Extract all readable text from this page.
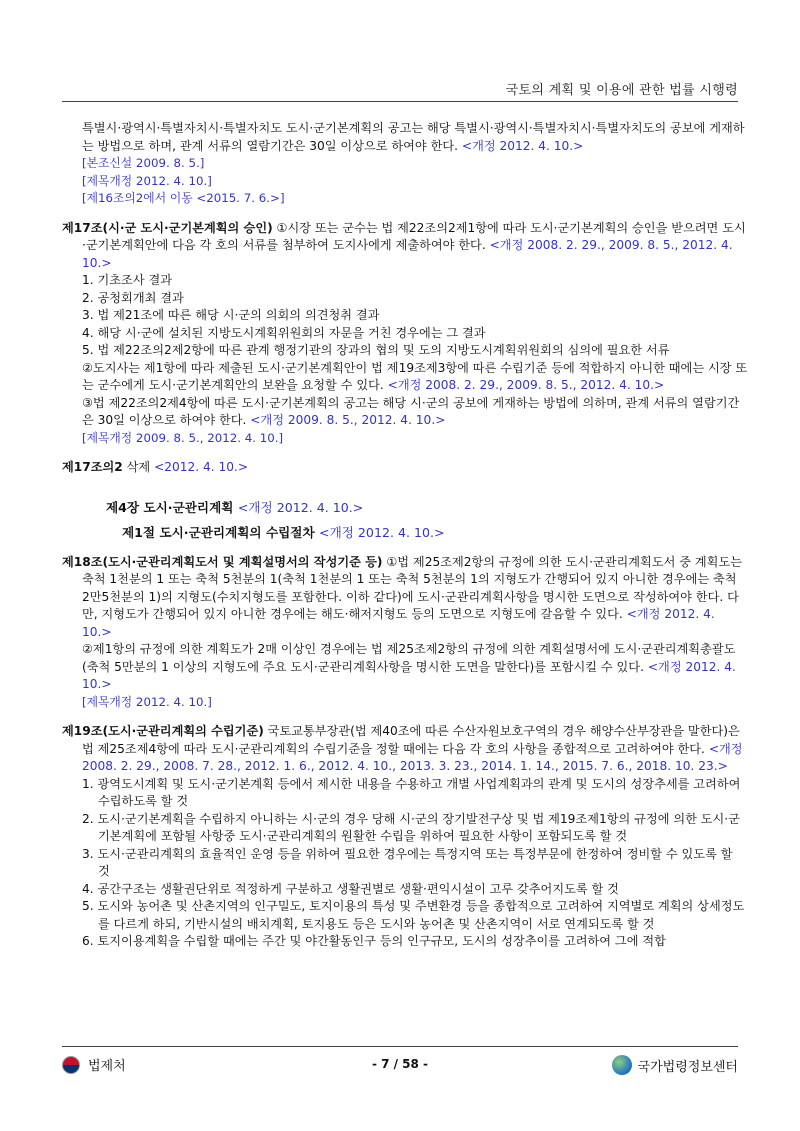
국토의 계획 및 이용에 관한 법률 시행령

특별시·광역시·특별자치시·특별자치도 도시·군기본계획의 공고는 해당 특별시·광역시·특별자치시·특별자치도의 공보에 게재하는 방법으로 하며, 관계 서류의 열람기간은 30일 이상으로 하여야 한다. <개정 2012. 4. 10.>

[본조신설 2009. 8. 5.]
[제목개정 2012. 4. 10.]
[제16조의2에서 이동 <2015. 7. 6.>]

제17조(시·군 도시·군기본계획의 승인) ①시장 또는 군수는 법 제22조의2제1항에 따라 도시·군기본계획의 승인을 받으려면 도시·군기본계획안에 다음 각 호의 서류를 첨부하여 도지사에게 제출하여야 한다. <개정 2008. 2. 29., 2009. 8. 5., 2012. 4. 10.>

1. 기초조사 결과
2. 공청회개최 결과
3. 법 제21조에 따른 해당 시·군의 의회의 의견청취 결과
4. 해당 시·군에 설치된 지방도시계획위원회의 자문을 거친 경우에는 그 결과
5. 법 제22조의2제2항에 따른 관계 행정기관의 장과의 협의 및 도의 지방도시계획위원회의 심의에 필요한 서류

②도지사는 제1항에 따라 제출된 도시·군기본계획안이 법 제19조제3항에 따른 수립기준 등에 적합하지 아니한 때에는 시장 또는 군수에게 도시·군기본계획안의 보완을 요청할 수 있다. <개정 2008. 2. 29., 2009. 8. 5., 2012. 4. 10.>

③법 제22조의2제4항에 따른 도시·군기본계획의 공고는 해당 시·군의 공보에 게재하는 방법에 의하며, 관계 서류의 열람기간은 30일 이상으로 하여야 한다. <개정 2009. 8. 5., 2012. 4. 10.>

[제목개정 2009. 8. 5., 2012. 4. 10.]
제17조의2 삭제 <2012. 4. 10.>
제4장 도시·군관리계획 <개정 2012. 4. 10.>
제1절 도시·군관리계획의 수립절차 <개정 2012. 4. 10.>

제18조(도시·군관리계획도서 및 계획설명서의 작성기준 등) ①법 제25조제2항의 규정에 의한 도시·군관리계획도서 중 계획도는 축척 1천분의 1 또는 축척 5천분의 1(축척 1천분의 1 또는 축척 5천분의 1의 지형도가 간행되어 있지 아니한 경우에는 축척 2만5천분의 1)의 지형도(수치지형도를 포함한다. 이하 같다)에 도시·군관리계획사항을 명시한 도면으로 작성하여야 한다. 다만, 지형도가 간행되어 있지 아니한 경우에는 해도·해저지형도 등의 도면으로 지형도에 갈음할 수 있다. <개정 2012. 4. 10.>

②제1항의 규정에 의한 계획도가 2매 이상인 경우에는 법 제25조제2항의 규정에 의한 계획설명서에 도시·군관리계획총괄도(축척 5만분의 1 이상의 지형도에 주요 도시·군관리계획사항을 명시한 도면을 말한다)를 포함시킬 수 있다. <개정 2012. 4. 10.>

[제목개정 2012. 4. 10.]

제19조(도시·군관리계획의 수립기준) 국토교통부장관(법 제40조에 따른 수산자원보호구역의 경우 해양수산부장관을 말한다)은 법 제25조제4항에 따라 도시·군관리계획의 수립기준을 정할 때에는 다음 각 호의 사항을 종합적으로 고려하여야 한다. <개정 2008. 2. 29., 2008. 7. 28., 2012. 1. 6., 2012. 4. 10., 2013. 3. 23., 2014. 1. 14., 2015. 7. 6., 2018. 10. 23.>

1. 광역도시계획 및 도시·군기본계획 등에서 제시한 내용을 수용하고 개별 사업계획과의 관계 및 도시의 성장추세를 고려하여 수립하도록 할 것
2. 도시·군기본계획을 수립하지 아니하는 시·군의 경우 당해 시·군의 장기발전구상 및 법 제19조제1항의 규정에 의한 도시·군기본계획에 포함될 사항중 도시·군관리계획의 원활한 수립을 위하여 필요한 사항이 포함되도록 할 것
3. 도시·군관리계획의 효율적인 운영 등을 위하여 필요한 경우에는 특정지역 또는 특정부문에 한정하여 정비할 수 있도록 할 것
4. 공간구조는 생활권단위로 적정하게 구분하고 생활권별로 생활·편익시설이 고루 갖추어지도록 할 것
5. 도시와 농어촌 및 산촌지역의 인구밀도, 토지이용의 특성 및 주변환경 등을 종합적으로 고려하여 지역별로 계획의 상세정도를 다르게 하되, 기반시설의 배치계획, 토지용도 등은 도시와 농어촌 및 산촌지역이 서로 연계되도록 할 것
6. 토지이용계획을 수립할 때에는 주간 및 야간활동인구 등의 인구규모, 도시의 성장추이를 고려하여 그에 적합
법제처	- 7 / 58 -	국가법령정보센터
